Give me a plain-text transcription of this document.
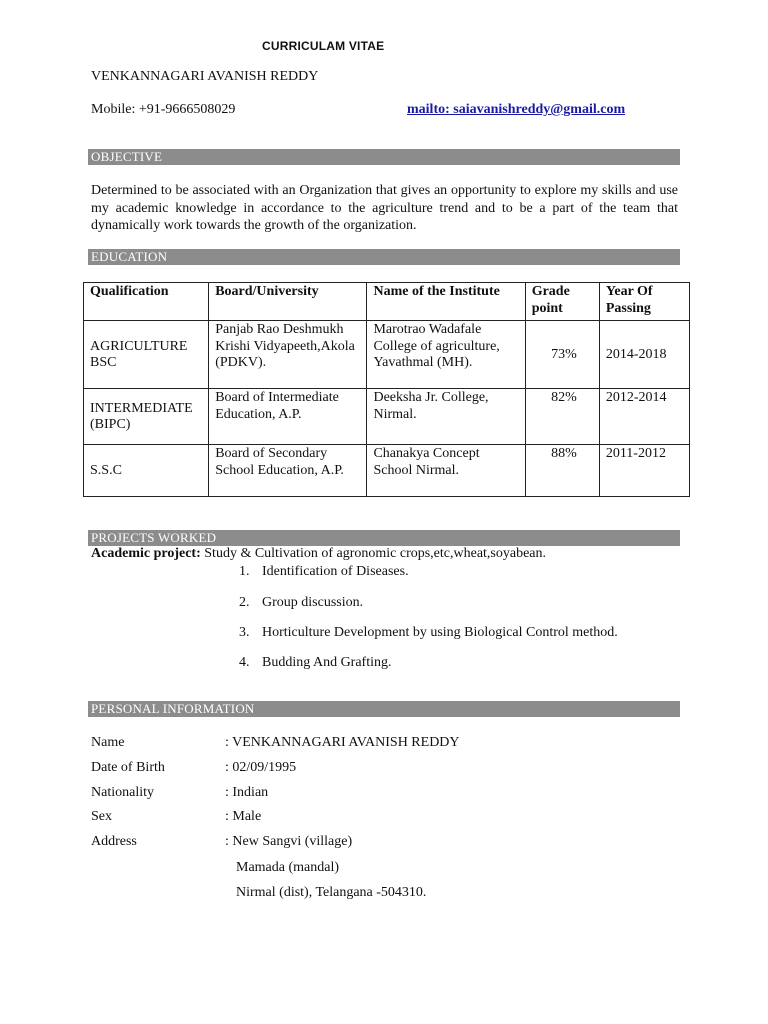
CURRICULAM VITAE
VENKANNAGARI AVANISH REDDY
Mobile: +91-9666508029	mailto: saiavanishreddy@gmail.com
OBJECTIVE
Determined to be associated with an Organization that gives an opportunity to explore my skills and use my academic knowledge in accordance to the agriculture trend and to be a part of the team that dynamically work towards the growth of the organization.
EDUCATION
Qualification	Board/University	Name of the Institute	Grade point	Year Of Passing
AGRICULTURE BSC	Panjab Rao Deshmukh Krishi Vidyapeeth,Akola (PDKV).	Marotrao Wadafale College of agriculture, Yavathmal (MH).	73%	2014-2018
INTERMEDIATE (BIPC)	Board of Intermediate Education, A.P.	Deeksha Jr. College, Nirmal.	82%	2012-2014
S.S.C	Board of Secondary School Education, A.P.	Chanakya Concept School Nirmal.	88%	2011-2012
PROJECTS WORKED
Academic project: Study & Cultivation of agronomic crops,etc,wheat,soyabean.
1. Identification of Diseases.
2. Group discussion.
3. Horticulture Development by using Biological Control method.
4. Budding And Grafting.
PERSONAL INFORMATION
Name	: VENKANNAGARI AVANISH REDDY
Date of Birth	: 02/09/1995
Nationality	: Indian
Sex	: Male
Address	: New Sangvi (village)
Mamada (mandal)
Nirmal (dist), Telangana -504310.
